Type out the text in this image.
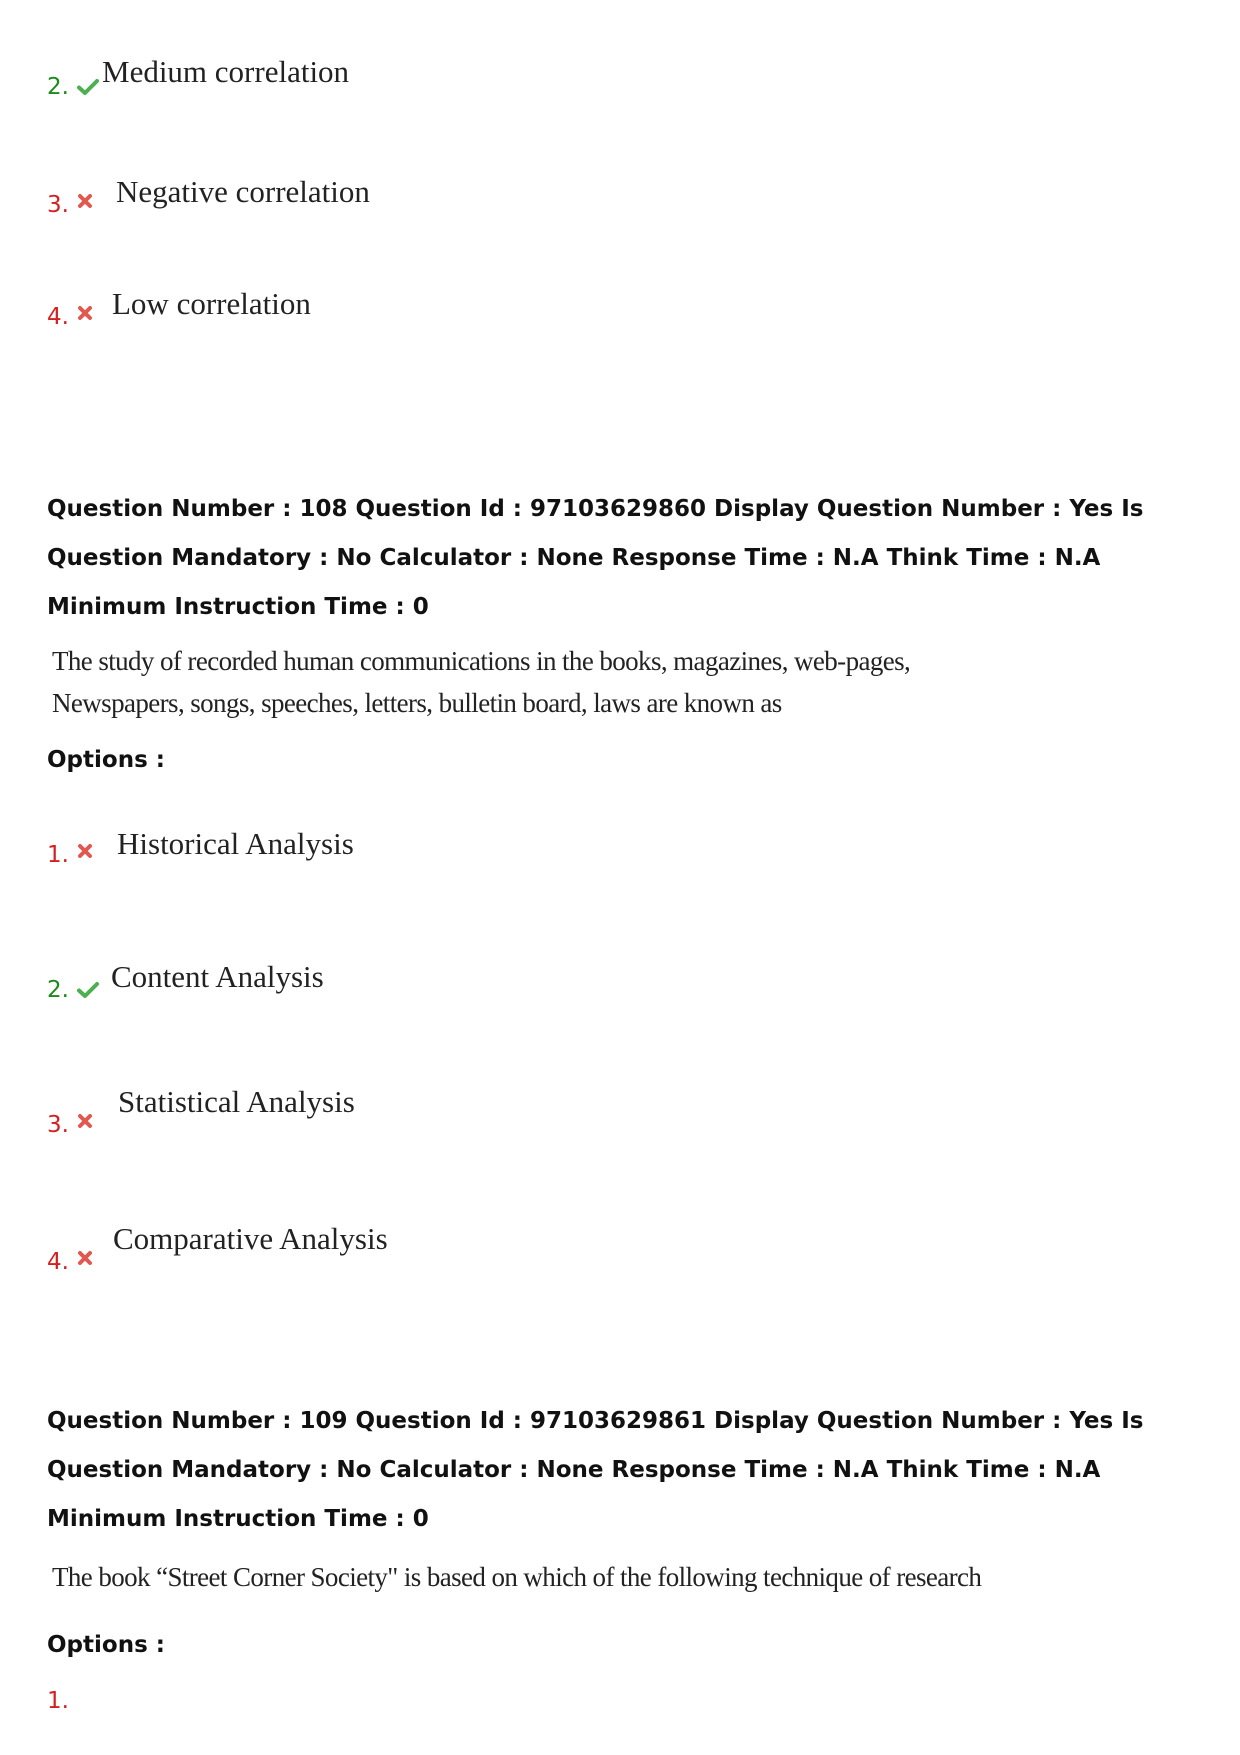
2. Medium correlation
3. Negative correlation
4. Low correlation

Question Number : 108 Question Id : 97103629860 Display Question Number : Yes Is Question Mandatory : No Calculator : None Response Time : N.A Think Time : N.A Minimum Instruction Time : 0

The study of recorded human communications in the books, magazines, web-pages,
Newspapers, songs, speeches, letters, bulletin board, laws are known as

Options :
1. Historical Analysis
2. Content Analysis
3.
Statistical Analysis
4.
Comparative Analysis

Question Number : 109 Question Id : 97103629861 Display Question Number : Yes Is Question Mandatory : No Calculator : None Response Time : N.A Think Time : N.A Minimum Instruction Time : 0

The book “Street Corner Society" is based on which of the following technique of research

Options :
1.
